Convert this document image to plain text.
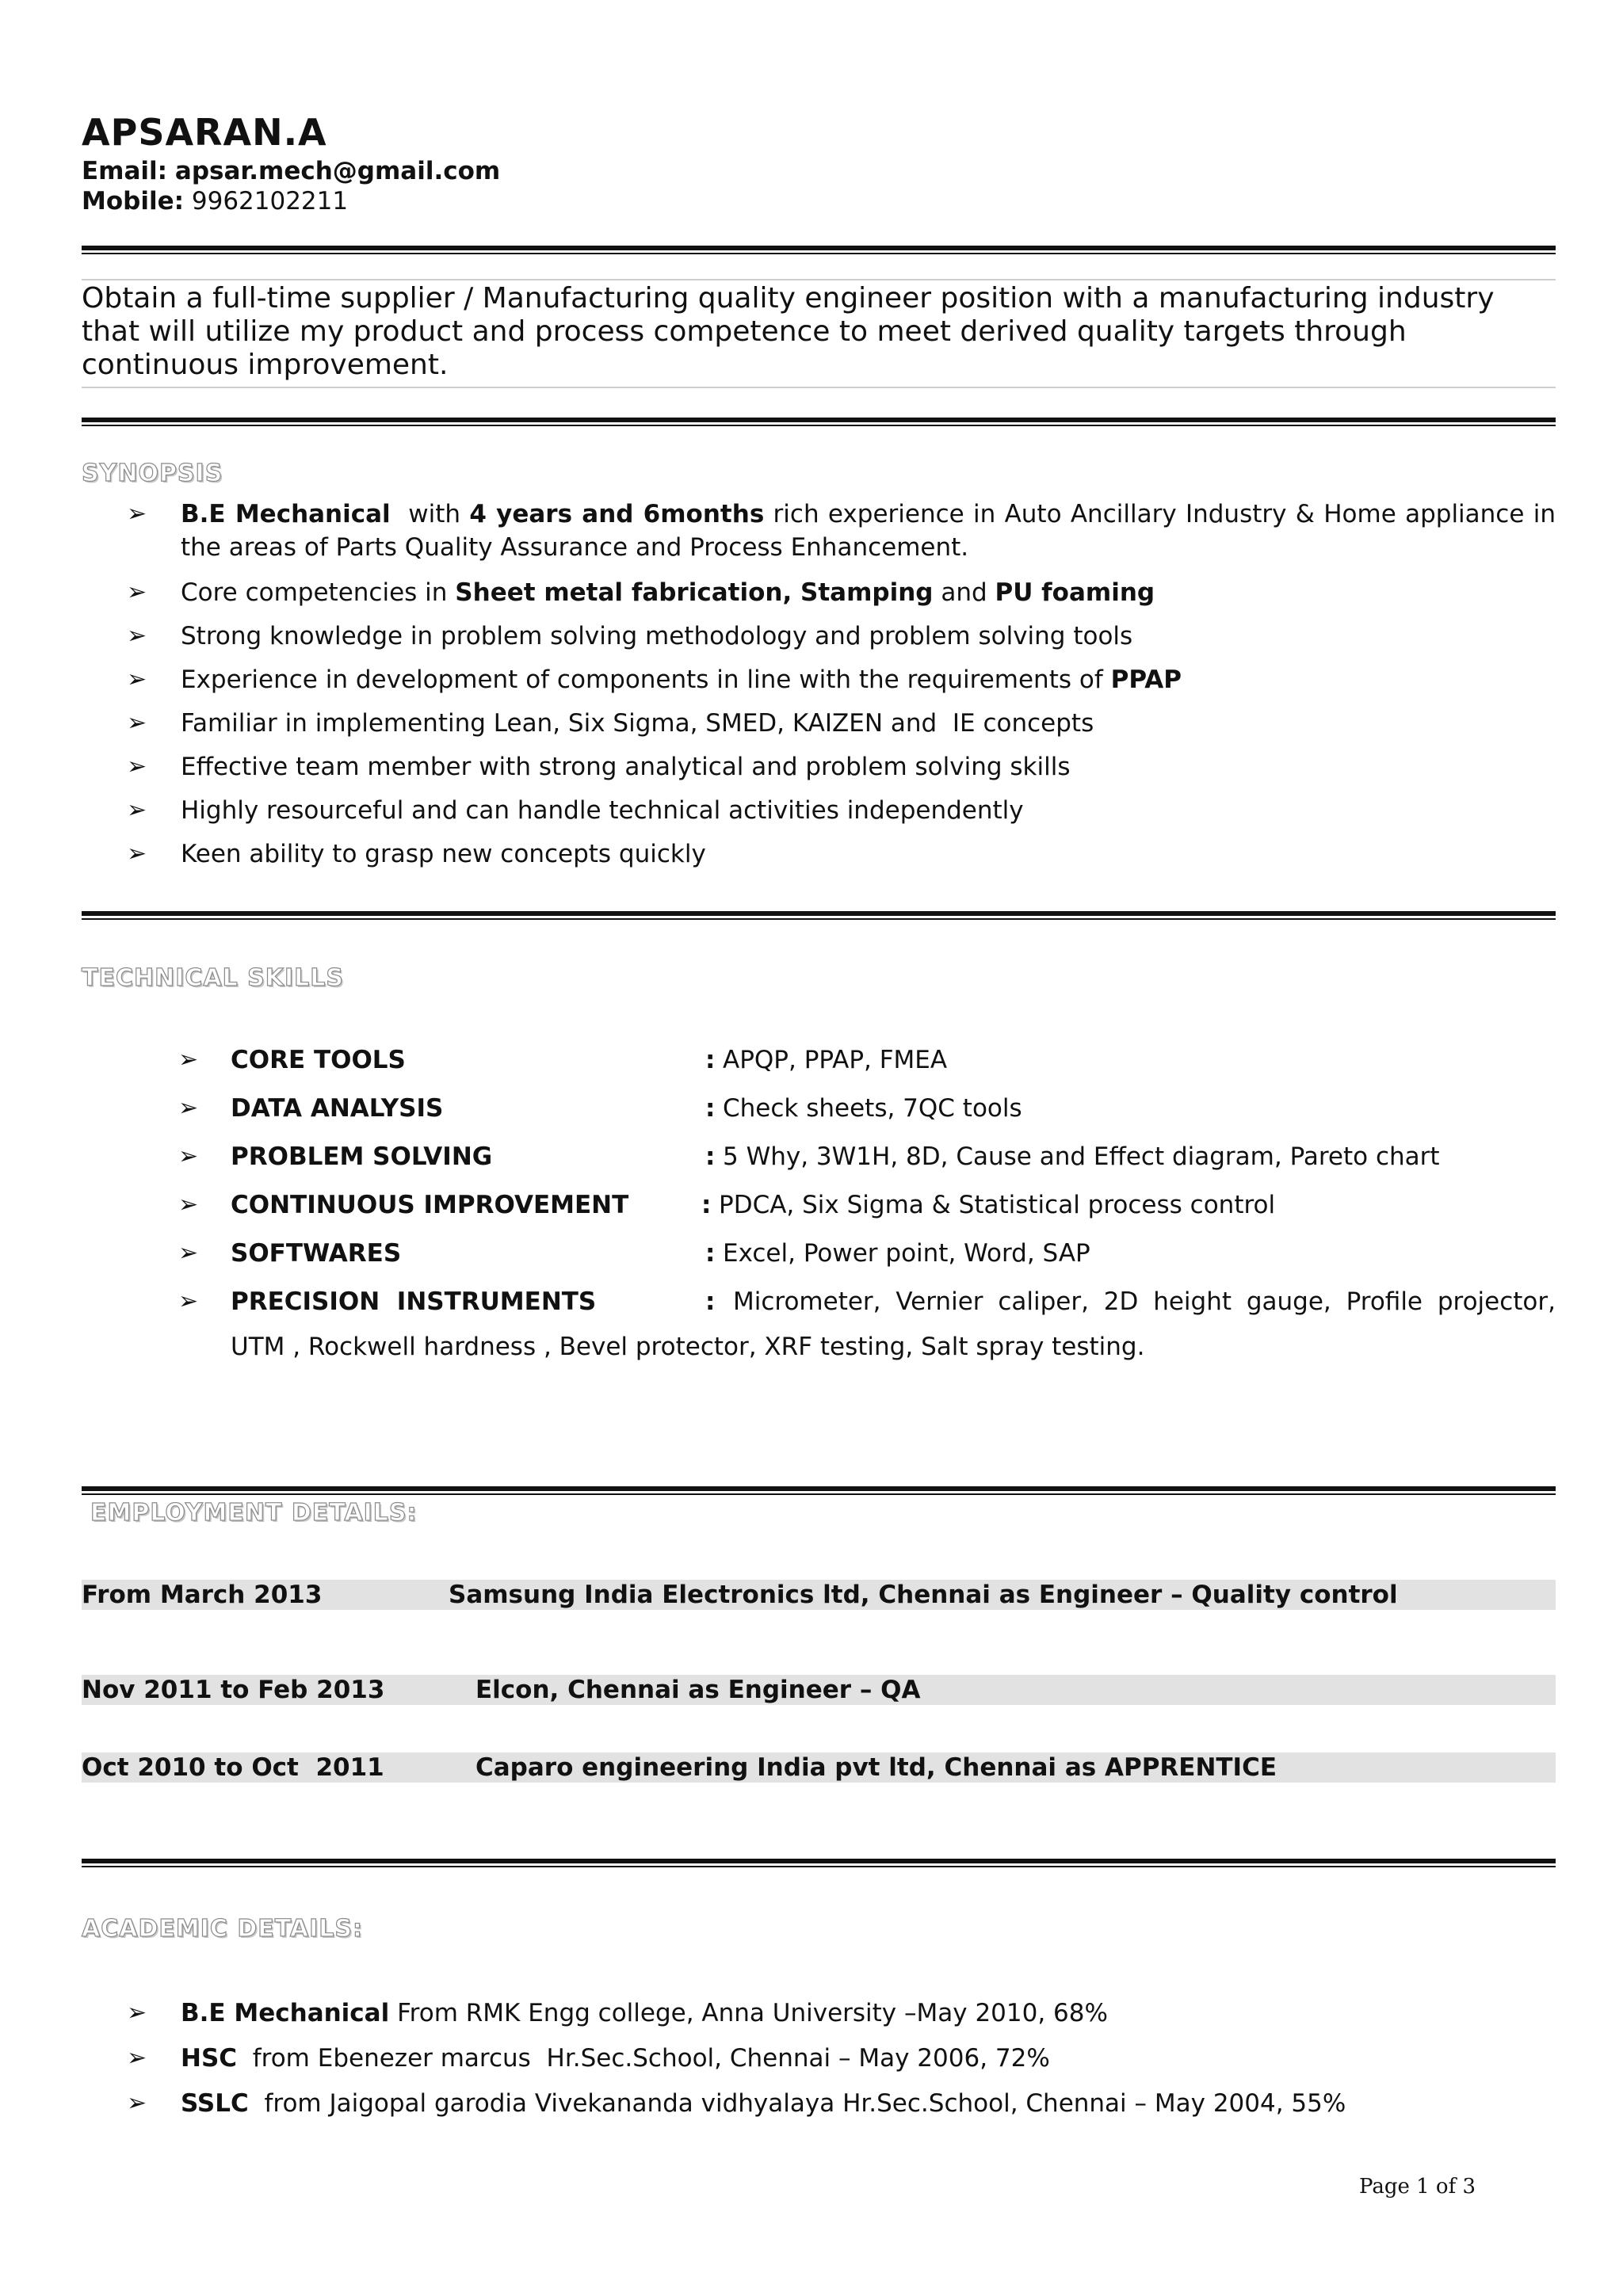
APSARAN.A
Email: apsar.mech@gmail.com
Mobile: 9962102211
Obtain a full-time supplier / Manufacturing quality engineer position with a manufacturing industry that will utilize my product and process competence to meet derived quality targets through continuous improvement.
SYNOPSIS
➢ B.E Mechanical  with 4 years and 6months rich experience in Auto Ancillary Industry & Home appliance in the areas of Parts Quality Assurance and Process Enhancement.
➢ Core competencies in Sheet metal fabrication, Stamping and PU foaming
➢ Strong knowledge in problem solving methodology and problem solving tools
➢ Experience in development of components in line with the requirements of PPAP
➢ Familiar in implementing Lean, Six Sigma, SMED, KAIZEN and  IE concepts
➢ Effective team member with strong analytical and problem solving skills
➢ Highly resourceful and can handle technical activities independently
➢ Keen ability to grasp new concepts quickly
TECHNICAL SKILLS
➢ CORE TOOLS	: APQP, PPAP, FMEA
➢ DATA ANALYSIS	: Check sheets, 7QC tools
➢ PROBLEM SOLVING	: 5 Why, 3W1H, 8D, Cause and Effect diagram, Pareto chart
➢ CONTINUOUS IMPROVEMENT	: PDCA, Six Sigma & Statistical process control
➢ SOFTWARES	: Excel, Power point, Word, SAP
➢ PRECISION  INSTRUMENTS	: Micrometer, Vernier caliper, 2D height gauge, Profile projector,
UTM , Rockwell hardness , Bevel protector, XRF testing, Salt spray testing.
EMPLOYMENT DETAILS:
From March 2013	Samsung India Electronics ltd, Chennai as Engineer – Quality control
Nov 2011 to Feb 2013	Elcon, Chennai as Engineer – QA
Oct 2010 to Oct  2011	Caparo engineering India pvt ltd, Chennai as APPRENTICE
ACADEMIC DETAILS:
➢ B.E Mechanical From RMK Engg college, Anna University –May 2010, 68%
➢ HSC  from Ebenezer marcus  Hr.Sec.School, Chennai – May 2006, 72%
➢ SSLC  from Jaigopal garodia Vivekananda vidhyalaya Hr.Sec.School, Chennai – May 2004, 55%
Page 1 of 3
